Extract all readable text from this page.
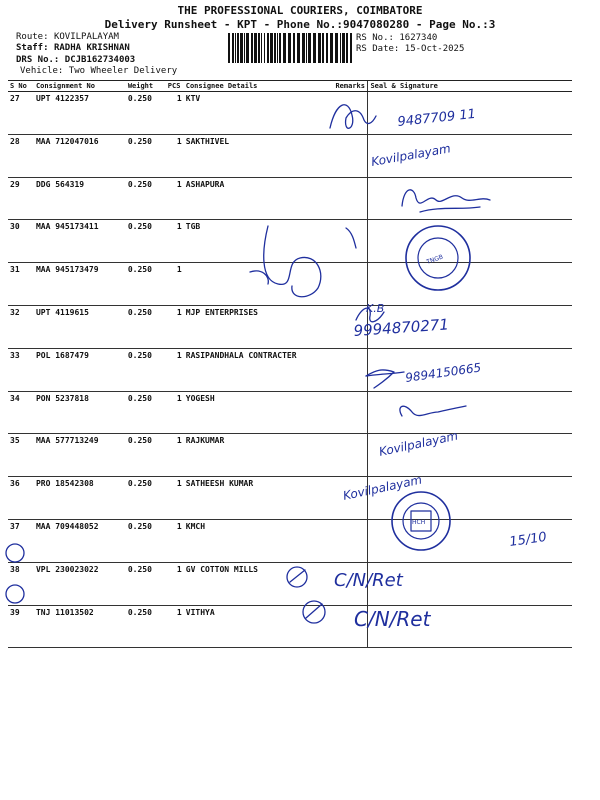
THE PROFESSIONAL COURIERS, COIMBATORE
Delivery Runsheet - KPT - Phone No.:9047080280 - Page No.:3
Route: KOVILPALAYAM
Staff: RADHA KRISHNAN
DRS No.: DCJB162734003
Vehicle: Two Wheeler Delivery
RS No.: 1627340
RS Date: 15-Oct-2025
S No	Consignment No	Weight	PCS	Consignee Details	Remarks	Seal & Signature
27	UPT 4122357	0.250	1	KTV		
28	MAA 712047016	0.250	1	SAKTHIVEL		
29	DDG 564319	0.250	1	ASHAPURA		
30	MAA 945173411	0.250	1	TGB		
31	MAA 945173479	0.250	1			
32	UPT 4119615	0.250	1	MJP ENTERPRISES		
33	POL 1687479	0.250	1	RASIPANDHALA CONTRACTER		
34	PON 5237818	0.250	1	YOGESH		
35	MAA 577713249	0.250	1	RAJKUMAR		
36	PRO 18542308	0.250	1	SATHEESH KUMAR		
37	MAA 709448052	0.250	1	KMCH		
38	VPL 230023022	0.250	1	GV COTTON MILLS		
39	TNJ 11013502	0.250	1	VITHYA		
TNGB
HCH
9487709 11
Kovilpalayam
K.B
9994870271
9894150665
Kovilpalayam
Kovilpalayam
15/10
C/N/Ret
C/N/Ret
